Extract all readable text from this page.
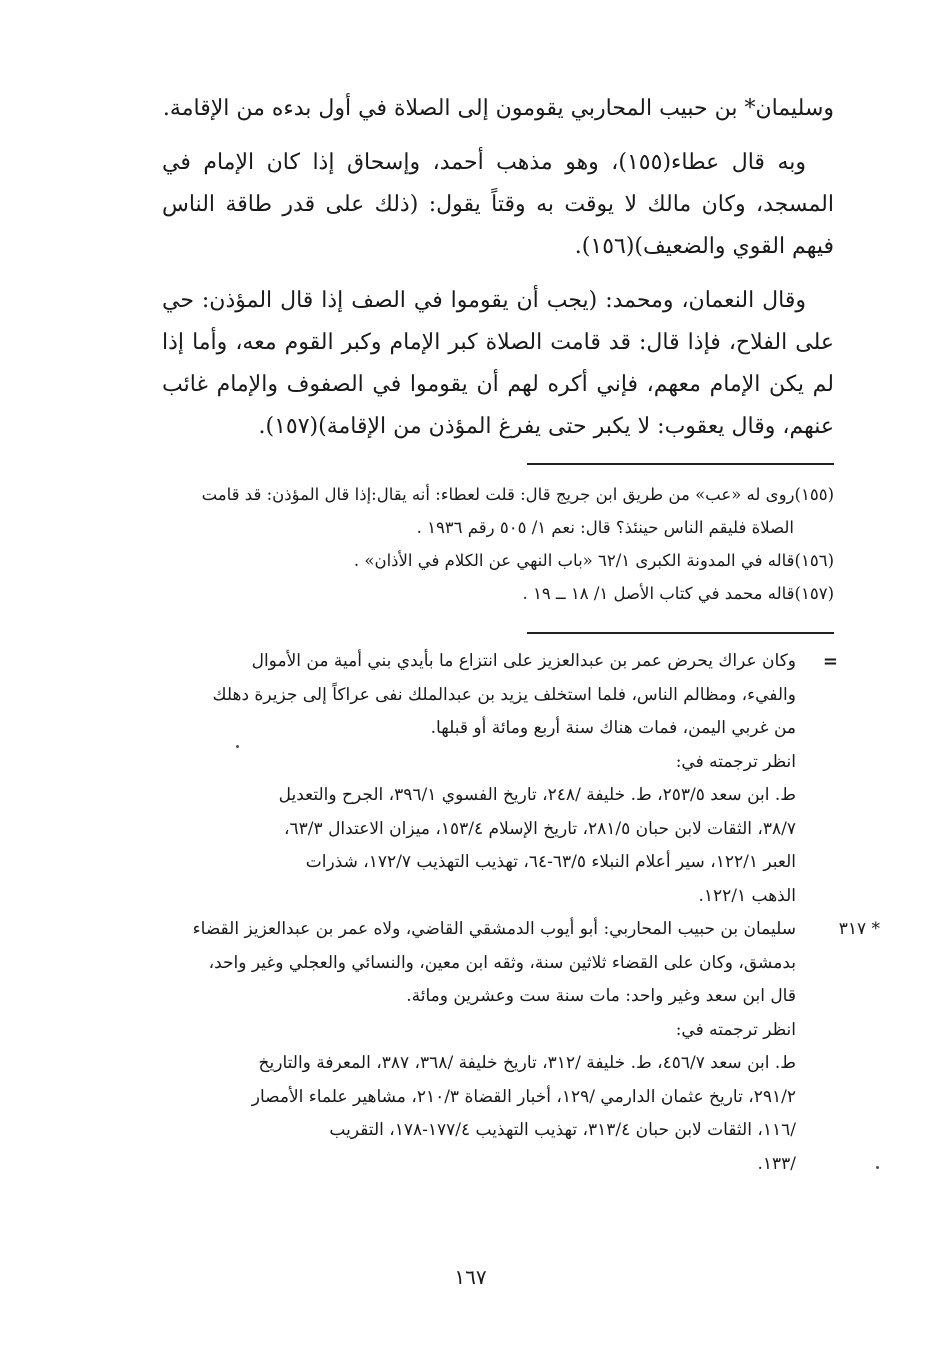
وسليمان* بن حبيب المحاربي يقومون إلى الصلاة في أول بدءه من الإقامة.

وبه قال عطاء(١٥٥)، وهو مذهب أحمد، وإسحاق إذا كان الإمام في المسجد، وكان مالك لا يوقت به وقتاً يقول: (ذلك على قدر طاقة الناس فيهم القوي والضعيف)(١٥٦).

وقال النعمان، ومحمد: (يجب أن يقوموا في الصف إذا قال المؤذن: حي على الفلاح، فإذا قال: قد قامت الصلاة كبر الإمام وكبر القوم معه، وأما إذا لم يكن الإمام معهم، فإني أكره لهم أن يقوموا في الصفوف والإمام غائب عنهم، وقال يعقوب: لا يكبر حتى يفرغ المؤذن من الإقامة)(١٥٧).

(١٥٥)روى له «عب» من طريق ابن جريج قال: قلت لعطاء: أنه يقال:إذا قال المؤذن: قد قامت

الصلاة فليقم الناس حينئذ؟ قال: نعم ١/ ٥٠٥ رقم ١٩٣٦ .

(١٥٦)قاله في المدونة الكبرى ٦٢/١ «باب النهي عن الكلام في الأذان» .

(١٥٧)قاله محمد في كتاب الأصل ١/ ١٨ ــ ١٩ .

=

وكان عراك يحرض عمر بن عبدالعزيز على انتزاع ما بأيدي بني أمية من الأموال

والفيء، ومظالم الناس، فلما استخلف يزيد بن عبدالملك نفى عراكاً إلى جزيرة دهلك

من غربي اليمن، فمات هناك سنة أربع ومائة أو قبلها.

انظر ترجمته في:

ط. ابن سعد ٢٥٣/٥، ط. خليفة /٢٤٨، تاريخ الفسوي ٣٩٦/١، الجرح والتعديل

٣٨/٧، الثقات لابن حبان ٢٨١/٥، تاريخ الإسلام ١٥٣/٤، ميزان الاعتدال ٦٣/٣،

العبر ١٢٢/١، سير أعلام النبلاء ٦٣/٥-٦٤، تهذيب التهذيب ١٧٢/٧، شذرات

الذهب ١٢٢/١.

* ٣١٧

سليمان بن حبيب المحاربي: أبو أيوب الدمشقي القاضي، ولاه عمر بن عبدالعزيز القضاء

بدمشق، وكان على القضاء ثلاثين سنة، وثقه ابن معين، والنسائي والعجلي وغير واحد،

قال ابن سعد وغير واحد: مات سنة ست وعشرين ومائة.

انظر ترجمته في:

ط. ابن سعد ٤٥٦/٧، ط. خليفة /٣١٢، تاريخ خليفة /٣٦٨، ٣٨٧، المعرفة والتاريخ

٢٩١/٢، تاريخ عثمان الدارمي /١٢٩، أخبار القضاة ٢١٠/٣، مشاهير علماء الأمصار

/١١٦، الثقات لابن حبان ٣١٣/٤، تهذيب التهذيب ١٧٧/٤-١٧٨، التقريب

/١٣٣.

١٦٧
